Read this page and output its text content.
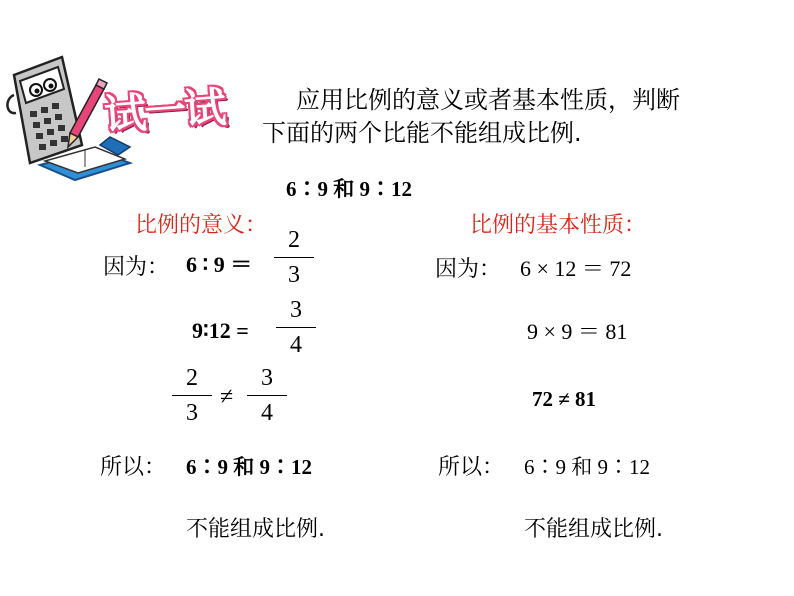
试一试	应用比例的意义或者基本性质，判断
下面的两个比能不能组成比例.
6∶9 和 9∶12
比例的意义：
因为： 6 ∶ 9 ＝
2
3
9∶12 =
3
4
2
3
≠
3
4
所以： 6∶9 和 9∶12
不能组成比例.
比例的基本性质：
因为： 6 × 12 ＝ 72
9 × 9 ＝ 81
72 ≠ 81
所以： 6∶9 和 9∶12
不能组成比例.
